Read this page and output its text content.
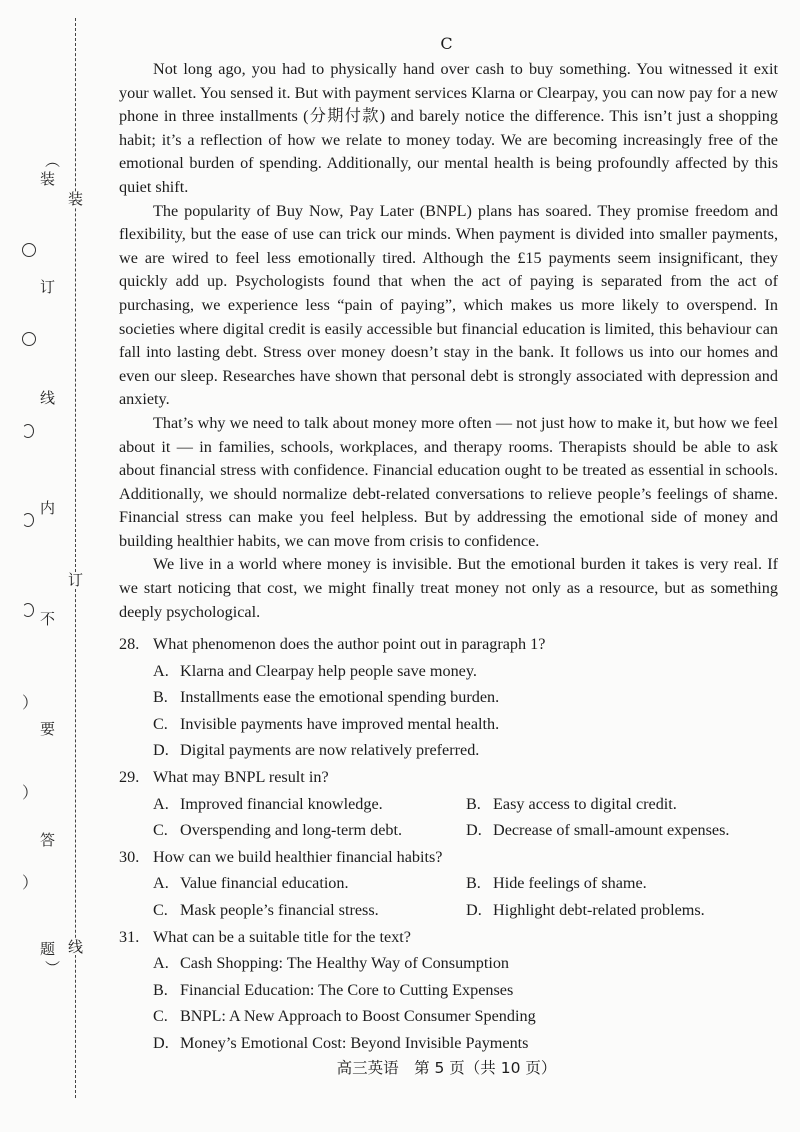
（
装
订
线
内
不
）
要
）
答
）
题
）
装
订
线
C

Not long ago, you had to physically hand over cash to buy something. You witnessed it exit your wallet. You sensed it. But with payment services Klarna or Clearpay, you can now pay for a new phone in three installments (分期付款) and barely notice the difference. This isn’t just a shopping habit; it’s a reflection of how we relate to money today. We are becoming increasingly free of the emotional burden of spending. Additionally, our mental health is being profoundly affected by this quiet shift.

The popularity of Buy Now, Pay Later (BNPL) plans has soared. They promise freedom and flexibility, but the ease of use can trick our minds. When payment is divided into smaller payments, we are wired to feel less emotionally tired. Although the £15 payments seem insignificant, they quickly add up. Psychologists found that when the act of paying is separated from the act of purchasing, we experience less “pain of paying”, which makes us more likely to overspend. In societies where digital credit is easily accessible but financial education is limited, this behaviour can fall into lasting debt. Stress over money doesn’t stay in the bank. It follows us into our homes and even our sleep. Researches have shown that personal debt is strongly associated with depression and anxiety.

That’s why we need to talk about money more often — not just how to make it, but how we feel about it — in families, schools, workplaces, and therapy rooms. Therapists should be able to ask about financial stress with confidence. Financial education ought to be treated as essential in schools. Additionally, we should normalize debt-related conversations to relieve people’s feelings of shame. Financial stress can make you feel helpless. But by addressing the emotional side of money and building healthier habits, we can move from crisis to confidence.

We live in a world where money is invisible. But the emotional burden it takes is very real. If we start noticing that cost, we might finally treat money not only as a resource, but as something deeply psychological.

28. What phenomenon does the author point out in paragraph 1?
A. Klarna and Clearpay help people save money.
B. Installments ease the emotional spending burden.
C. Invisible payments have improved mental health.
D. Digital payments are now relatively preferred.
29. What may BNPL result in?
A. Improved financial knowledge.	B. Easy access to digital credit.
C. Overspending and long-term debt.	D. Decrease of small-amount expenses.
30. How can we build healthier financial habits?
A. Value financial education.	B. Hide feelings of shame.
C. Mask people’s financial stress.	D. Highlight debt-related problems.
31. What can be a suitable title for the text?
A. Cash Shopping: The Healthy Way of Consumption
B. Financial Education: The Core to Cutting Expenses
C. BNPL: A New Approach to Boost Consumer Spending
D. Money’s Emotional Cost: Beyond Invisible Payments
高三英语　第 5 页（共 10 页）
